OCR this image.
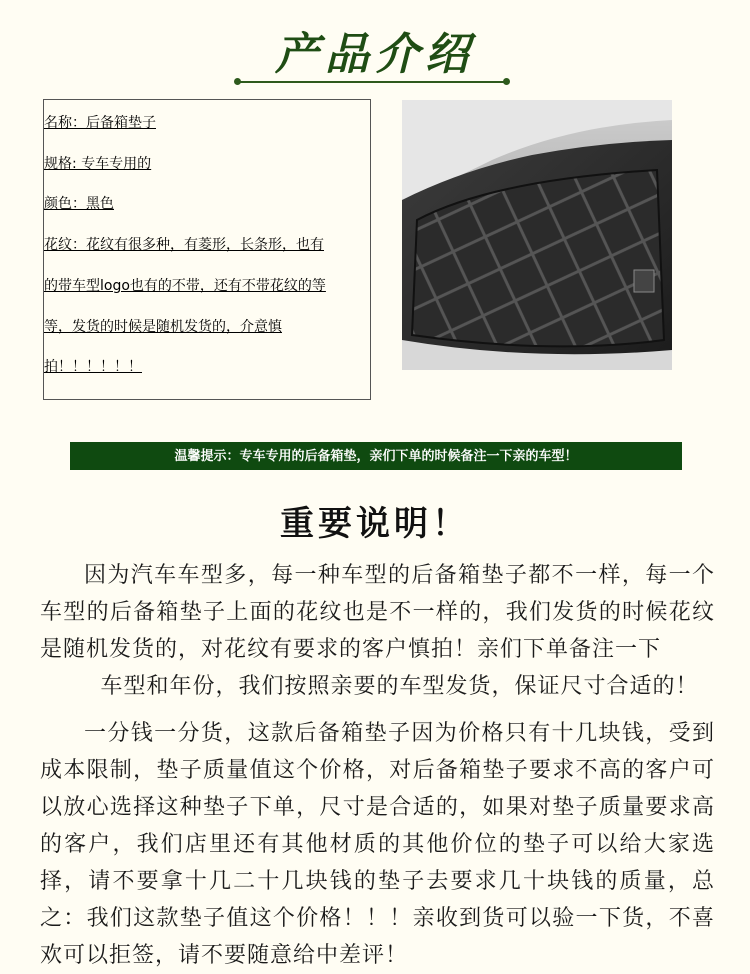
产品介绍
名称：后备箱垫子
规格: 专车专用的
颜色：黑色
花纹：花纹有很多种，有菱形，长条形，也有
的带车型logo也有的不带，还有不带花纹的等
等，发货的时候是随机发货的，介意慎
拍！！！！！！
温馨提示：专车专用的后备箱垫，亲们下单的时候备注一下亲的车型！
重要说明！
因为汽车车型多，每一种车型的后备箱垫子都不一样，每一个车型的后备箱垫子上面的花纹也是不一样的，我们发货的时候花纹是随机发货的，对花纹有要求的客户慎拍！亲们下单备注一下
车型和年份，我们按照亲要的车型发货，保证尺寸合适的！
一分钱一分货，这款后备箱垫子因为价格只有十几块钱，受到成本限制，垫子质量值这个价格，对后备箱垫子要求不高的客户可以放心选择这种垫子下单，尺寸是合适的，如果对垫子质量要求高的客户，我们店里还有其他材质的其他价位的垫子可以给大家选择，请不要拿十几二十几块钱的垫子去要求几十块钱的质量，总之：我们这款垫子值这个价格！！！亲收到货可以验一下货，不喜欢可以拒签，请不要随意给中差评！
